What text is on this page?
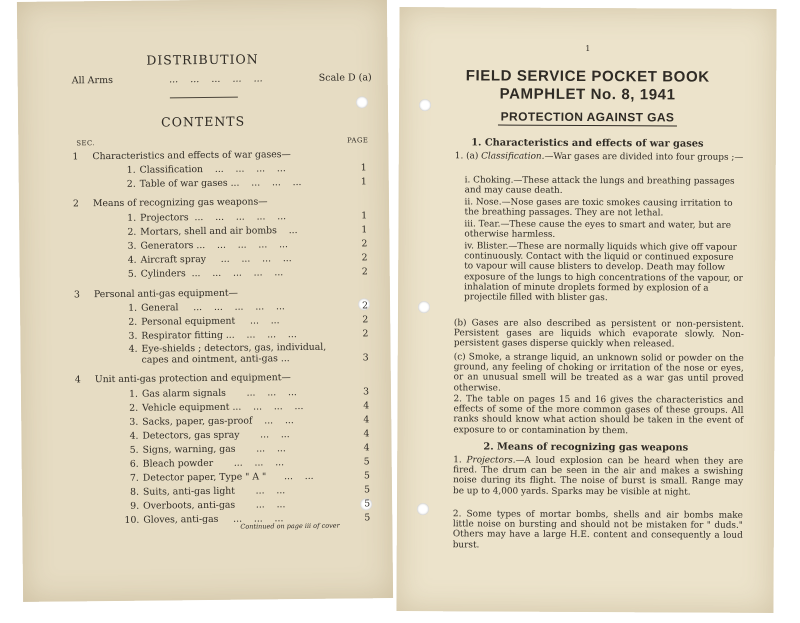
DISTRIBUTION
All Arms	...    ...    ...    ...    ...	Scale D (a)
CONTENTS
SEC.	PAGE
1 Characteristics and effects of war gases—
1. Classification    ...    ...    ...    ...	1
2. Table of war gases ...    ...    ...    ...	1
2 Means of recognizing gas weapons—
1. Projectors  ...    ...    ...    ...    ...	1
2. Mortars, shell and air bombs    ...	1
3. Generators ...    ...    ...    ...    ...	2
4. Aircraft spray     ...    ...    ...    ...	2
5. Cylinders  ...    ...    ...    ...    ...	2
3 Personal anti-gas equipment—
1. General     ...    ...    ...    ...    ...	2
2. Personal equipment     ...    ...	2
3. Respirator fitting ...    ...    ...    ...	2
4. Eye-shields ; detectors, gas, individual, capes and ointment, anti-gas ...	3
4 Unit anti-gas protection and equipment—
1. Gas alarm signals       ...    ...    ...	3
2. Vehicle equipment ...    ...    ...    ...	4
3. Sacks, paper, gas-proof    ...    ...	4
4. Detectors, gas spray       ...    ...	4
5. Signs, warning, gas       ...    ...	4
6. Bleach powder       ...    ...    ...	5
7. Detector paper, Type " A "      ...    ...	5
8. Suits, anti-gas light       ...    ...	5
9. Overboots, anti-gas       ...    ...	5
10. Gloves, anti-gas     ...    ...    ...	5
Continued on page iii of cover
1
FIELD SERVICE POCKET BOOK
PAMPHLET No. 8, 1941
PROTECTION AGAINST GAS
1. Characteristics and effects of war gases
1. (a) Classification.—War gases are divided into four groups ;—
i. Choking.—These attack the lungs and breathing passages and may cause death.
ii. Nose.—Nose gases are toxic smokes causing irritation to the breathing passages. They are not lethal.
iii. Tear.—These cause the eyes to smart and water, but are otherwise harmless.
iv. Blister.—These are normally liquids which give off vapour continuously. Contact with the liquid or continued exposure to vapour will cause blisters to develop. Death may follow exposure of the lungs to high concentrations of the vapour, or inhalation of minute droplets formed by explosion of a projectile filled with blister gas.
(b) Gases are also described as persistent or non-persistent. Persistent gases are liquids which evaporate slowly. Non-persistent gases disperse quickly when released.
(c) Smoke, a strange liquid, an unknown solid or powder on the ground, any feeling of choking or irritation of the nose or eyes, or an unusual smell will be treated as a war gas until proved otherwise.
2. The table on pages 15 and 16 gives the characteristics and effects of some of the more common gases of these groups. All ranks should know what action should be taken in the event of exposure to or contamination by them.
2. Means of recognizing gas weapons
1. Projectors.—A loud explosion can be heard when they are fired. The drum can be seen in the air and makes a swishing noise during its flight. The noise of burst is small. Range may be up to 4,000 yards. Sparks may be visible at night.
2. Some types of mortar bombs, shells and air bombs make little noise on bursting and should not be mistaken for " duds." Others may have a large H.E. content and consequently a loud burst.
